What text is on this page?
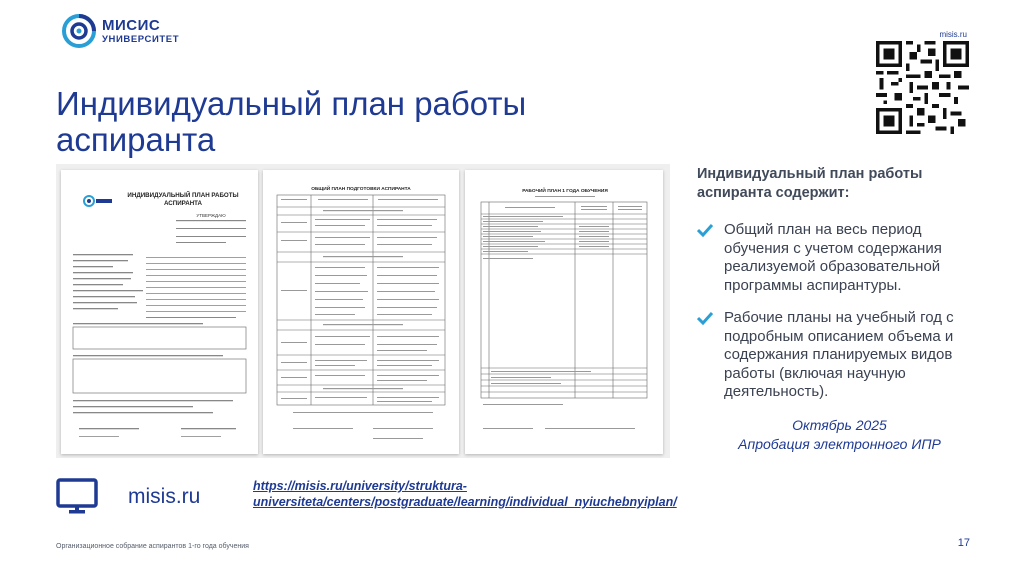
МИСИС
УНИВЕРСИТЕТ	misis.ru
Индивидуальный план работы аспиранта
ИНДИВИДУАЛЬНЫЙ ПЛАН РАБОТЫ
АСПИРАНТА
УТВЕРЖДАЮ
ОБЩИЙ ПЛАН ПОДГОТОВКИ АСПИРАНТА	РАБОЧИЙ ПЛАН 1 ГОДА ОБУЧЕНИЯ
Индивидуальный план работы аспиранта содержит:
Общий план на весь период обучения с учетом содержания реализуемой образовательной программы аспирантуры.
Рабочие планы на учебный год с подробным описанием объема и содержания планируемых видов работы (включая научную деятельность).
Октябрь 2025
Апробация электронного ИПР
misis.ru	https://misis.ru/university/struktura-universiteta/centers/postgraduate/learning/individual_nyiuchebnyiplan/
Организационное собрание аспирантов 1-го года обучения	17
